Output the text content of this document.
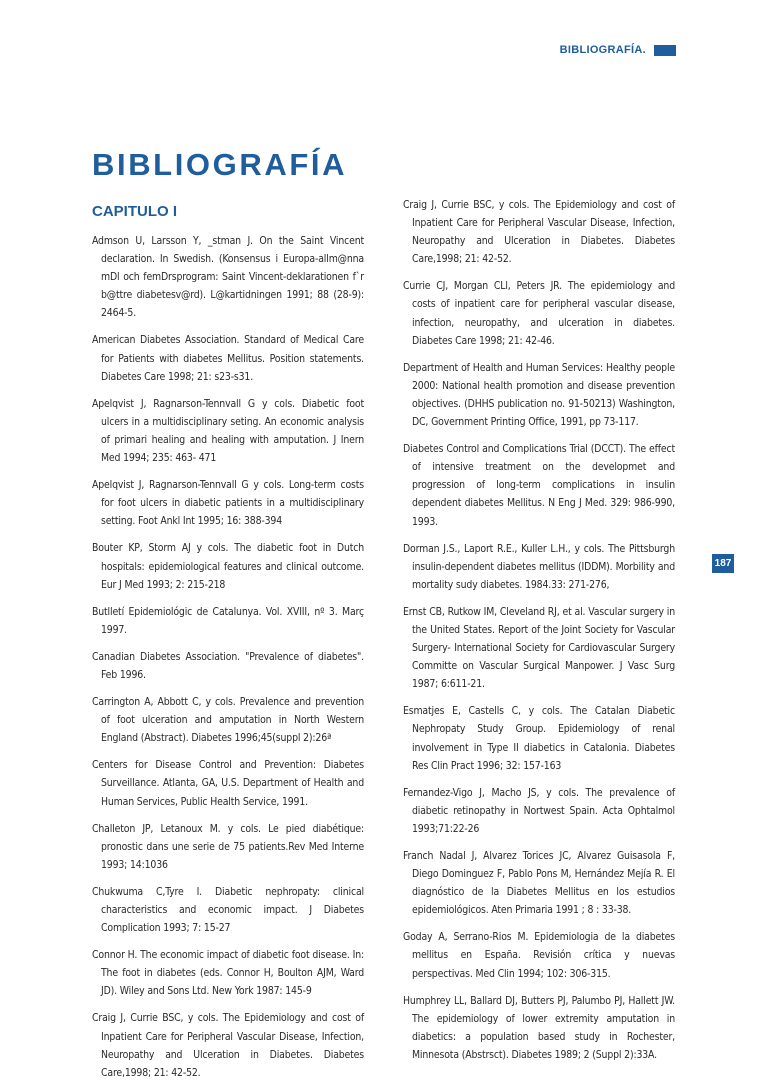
BIBLIOGRAFÍA.
BIBLIOGRAFÍA
CAPITULO I

Admson U, Larsson Y, _stman J. On the Saint Vincent declaration. In Swedish. (Konsensus i Europa-allm@nna mDl och femDrsprogram: Saint Vincent-deklarationen f`r b@ttre diabetesv@rd). L@kartidningen 1991; 88 (28-9): 2464-5.

American Diabetes Association. Standard of Medical Care for Patients with diabetes Mellitus. Position statements. Diabetes Care 1998; 21: s23-s31.

Apelqvist J, Ragnarson-Tennvall G y cols. Diabetic foot ulcers in a multidisciplinary seting. An economic analysis of primari healing and healing with amputation. J Inern Med 1994; 235: 463- 471

Apelqvist J, Ragnarson-Tennvall G y cols. Long-term costs for foot ulcers in diabetic patients in a multidisciplinary setting. Foot Ankl Int 1995; 16: 388-394

Bouter KP, Storm AJ y cols. The diabetic foot in Dutch hospitals: epidemiological features and clinical outcome. Eur J Med 1993; 2: 215-218

Butlletí Epidemiológic de Catalunya. Vol. XVIII, nº 3. Març 1997.

Canadian Diabetes Association. "Prevalence of diabetes". Feb 1996.

Carrington A, Abbott C, y cols. Prevalence and prevention of foot ulceration and amputation in North Western England (Abstract). Diabetes 1996;45(suppl 2):26ª

Centers for Disease Control and Prevention: Diabetes Surveillance. Atlanta, GA, U.S. Department of Health and Human Services, Public Health Service, 1991.

Challeton JP, Letanoux M. y cols. Le pied diabétique: pronostic dans une serie de 75 patients.Rev Med Interne 1993; 14:1036

Chukwuma C,Tyre I. Diabetic nephropaty: clinical characteristics and economic impact. J Diabetes Complication 1993; 7: 15-27

Connor H. The economic impact of diabetic foot disease. In: The foot in diabetes (eds. Connor H, Boulton AJM, Ward JD). Wiley and Sons Ltd. New York 1987: 145-9

Craig J, Currie BSC, y cols. The Epidemiology and cost of Inpatient Care for Peripheral Vascular Disease, Infection, Neuropathy and Ulceration in Diabetes. Diabetes Care,1998; 21: 42-52.

Craig J, Currie BSC, y cols. The Epidemiology and cost of Inpatient Care for Peripheral Vascular Disease, Infection, Neuropathy and Ulceration in Diabetes. Diabetes Care,1998; 21: 42-52.

Currie CJ, Morgan CLl, Peters JR. The epidemiology and costs of inpatient care for peripheral vascular disease, infection, neuropathy, and ulceration in diabetes. Diabetes Care 1998; 21: 42-46.

Department of Health and Human Services: Healthy people 2000: National health promotion and disease prevention objectives. (DHHS publication no. 91-50213) Washington, DC, Government Printing Office, 1991, pp 73-117.

Diabetes Control and Complications Trial (DCCT). The effect of intensive treatment on the developmet and progression of long-term complications in insulin dependent diabetes Mellitus. N Eng J Med. 329: 986-990, 1993.

Dorman J.S., Laport R.E., Kuller L.H., y cols. The Pittsburgh insulin-dependent diabetes mellitus (IDDM). Morbility and mortality sudy diabetes. 1984.33: 271-276,

Ernst CB, Rutkow IM, Cleveland RJ, et al. Vascular surgery in the United States. Report of the Joint Society for Vascular Surgery- International Society for Cardiovascular Surgery Committe on Vascular Surgical Manpower. J Vasc Surg 1987; 6:611-21.

Esmatjes E, Castells C, y cols. The Catalan Diabetic Nephropaty Study Group. Epidemiology of renal involvement in Type II diabetics in Catalonia. Diabetes Res Clin Pract 1996; 32: 157-163

Fernandez-Vigo J, Macho JS, y cols. The prevalence of diabetic retinopathy in Nortwest Spain. Acta Ophtalmol 1993;71:22-26

Franch Nadal J, Alvarez Torices JC, Alvarez Guisasola F, Diego Dominguez F, Pablo Pons M, Hernández Mejía R. El diagnóstico de la Diabetes Mellitus en los estudios epidemiológicos. Aten Primaria 1991 ; 8 : 33-38.

Goday A, Serrano-Rios M. Epidemiologia de la diabetes mellitus en España. Revisión crítica y nuevas perspectivas. Med Clin 1994; 102: 306-315.

Humphrey LL, Ballard DJ, Butters PJ, Palumbo PJ, Hallett JW. The epidemiology of lower extremity amputation in diabetics: a population based study in Rochester, Minnesota (Abstrsct). Diabetes 1989; 2 (Suppl 2):33A.

187
